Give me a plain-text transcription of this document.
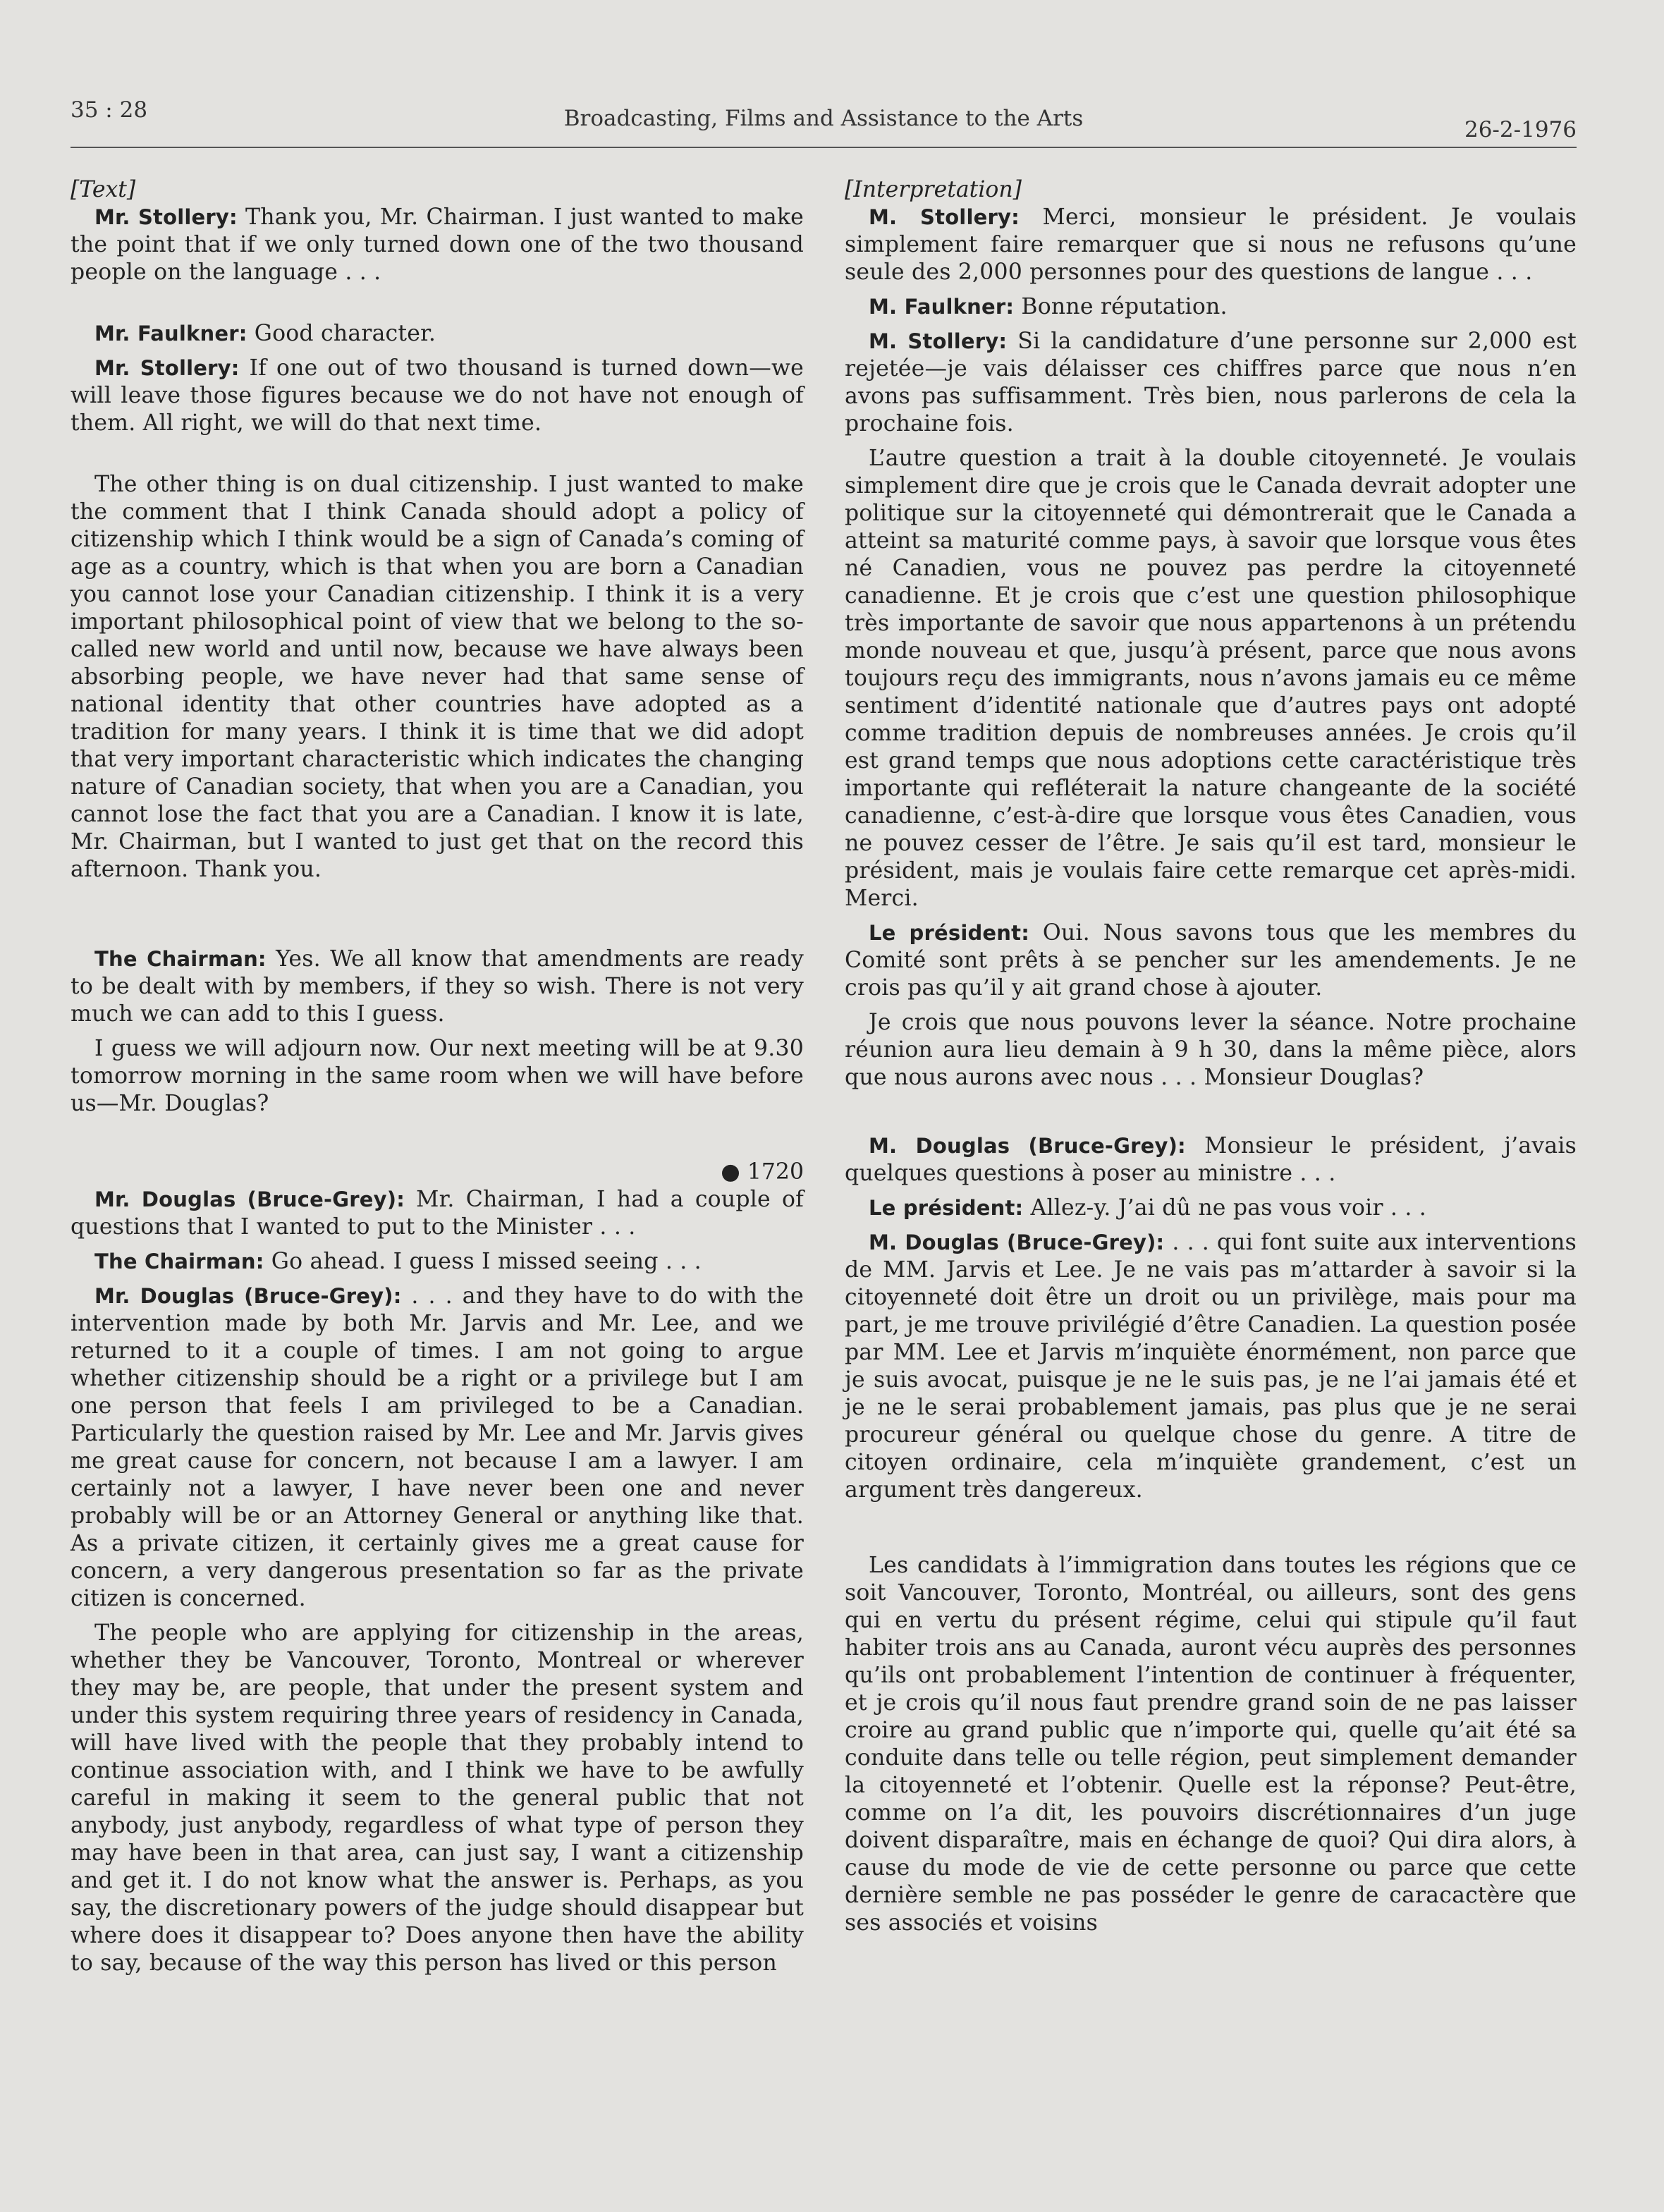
35 : 28	Broadcasting, Films and Assistance to the Arts	26-2-1976
[Text]

Mr. Stollery: Thank you, Mr. Chairman. I just wanted to make the point that if we only turned down one of the two thousand people on the language . . .

Mr. Faulkner: Good character.

Mr. Stollery: If one out of two thousand is turned down—we will leave those figures because we do not have not enough of them. All right, we will do that next time.

The other thing is on dual citizenship. I just wanted to make the comment that I think Canada should adopt a policy of citizenship which I think would be a sign of Canada’s coming of age as a country, which is that when you are born a Canadian you cannot lose your Canadian citizenship. I think it is a very important philosophical point of view that we belong to the so-called new world and until now, because we have always been absorbing people, we have never had that same sense of national identity that other countries have adopted as a tradition for many years. I think it is time that we did adopt that very important characteristic which indicates the changing nature of Canadian society, that when you are a Canadian, you cannot lose the fact that you are a Canadian. I know it is late, Mr. Chairman, but I wanted to just get that on the record this afternoon. Thank you.

The Chairman: Yes. We all know that amendments are ready to be dealt with by members, if they so wish. There is not very much we can add to this I guess.

I guess we will adjourn now. Our next meeting will be at 9.30 tomorrow morning in the same room when we will have before us—Mr. Douglas?

● 1720

Mr. Douglas (Bruce-Grey): Mr. Chairman, I had a couple of questions that I wanted to put to the Minister . . .

The Chairman: Go ahead. I guess I missed seeing . . .

Mr. Douglas (Bruce-Grey): . . . and they have to do with the intervention made by both Mr. Jarvis and Mr. Lee, and we returned to it a couple of times. I am not going to argue whether citizenship should be a right or a privilege but I am one person that feels I am privileged to be a Canadian. Particularly the question raised by Mr. Lee and Mr. Jarvis gives me great cause for concern, not because I am a lawyer. I am certainly not a lawyer, I have never been one and never probably will be or an Attorney General or anything like that. As a private citizen, it certainly gives me a great cause for concern, a very dangerous presentation so far as the private citizen is concerned.

The people who are applying for citizenship in the areas, whether they be Vancouver, Toronto, Montreal or wherever they may be, are people, that under the present system and under this system requiring three years of residency in Canada, will have lived with the people that they probably intend to continue association with, and I think we have to be awfully careful in making it seem to the general public that not anybody, just anybody, regardless of what type of person they may have been in that area, can just say, I want a citizenship and get it. I do not know what the answer is. Perhaps, as you say, the discretionary powers of the judge should disappear but where does it disappear to? Does anyone then have the ability to say, because of the way this person has lived or this person

[Interpretation]

M. Stollery: Merci, monsieur le président. Je voulais simplement faire remarquer que si nous ne refusons qu’une seule des 2,000 personnes pour des questions de langue . . .

M. Faulkner: Bonne réputation.

M. Stollery: Si la candidature d’une personne sur 2,000 est rejetée—je vais délaisser ces chiffres parce que nous n’en avons pas suffisamment. Très bien, nous parlerons de cela la prochaine fois.

L’autre question a trait à la double citoyenneté. Je voulais simplement dire que je crois que le Canada devrait adopter une politique sur la citoyenneté qui démontrerait que le Canada a atteint sa maturité comme pays, à savoir que lorsque vous êtes né Canadien, vous ne pouvez pas perdre la citoyenneté canadienne. Et je crois que c’est une question philosophique très importante de savoir que nous appartenons à un prétendu monde nouveau et que, jusqu’à présent, parce que nous avons toujours reçu des immigrants, nous n’avons jamais eu ce même sentiment d’identité nationale que d’autres pays ont adopté comme tradition depuis de nombreuses années. Je crois qu’il est grand temps que nous adoptions cette caractéristique très importante qui refléterait la nature changeante de la société canadienne, c’est-à-dire que lorsque vous êtes Canadien, vous ne pouvez cesser de l’être. Je sais qu’il est tard, monsieur le président, mais je voulais faire cette remarque cet après-midi. Merci.

Le président: Oui. Nous savons tous que les membres du Comité sont prêts à se pencher sur les amendements. Je ne crois pas qu’il y ait grand chose à ajouter.

Je crois que nous pouvons lever la séance. Notre prochaine réunion aura lieu demain à 9 h 30, dans la même pièce, alors que nous aurons avec nous . . . Monsieur Douglas?

M. Douglas (Bruce-Grey): Monsieur le président, j’avais quelques questions à poser au ministre . . .

Le président: Allez-y. J’ai dû ne pas vous voir . . .

M. Douglas (Bruce-Grey): . . . qui font suite aux interventions de MM. Jarvis et Lee. Je ne vais pas m’attarder à savoir si la citoyenneté doit être un droit ou un privilège, mais pour ma part, je me trouve privilégié d’être Canadien. La question posée par MM. Lee et Jarvis m’inquiète énormément, non parce que je suis avocat, puisque je ne le suis pas, je ne l’ai jamais été et je ne le serai probablement jamais, pas plus que je ne serai procureur général ou quelque chose du genre. A titre de citoyen ordinaire, cela m’inquiète grandement, c’est un argument très dangereux.

Les candidats à l’immigration dans toutes les régions que ce soit Vancouver, Toronto, Montréal, ou ailleurs, sont des gens qui en vertu du présent régime, celui qui stipule qu’il faut habiter trois ans au Canada, auront vécu auprès des personnes qu’ils ont probablement l’intention de continuer à fréquenter, et je crois qu’il nous faut prendre grand soin de ne pas laisser croire au grand public que n’importe qui, quelle qu’ait été sa conduite dans telle ou telle région, peut simplement demander la citoyenneté et l’obtenir. Quelle est la réponse? Peut-être, comme on l’a dit, les pouvoirs discrétionnaires d’un juge doivent disparaître, mais en échange de quoi? Qui dira alors, à cause du mode de vie de cette personne ou parce que cette dernière semble ne pas posséder le genre de caracactère que ses associés et voisins
